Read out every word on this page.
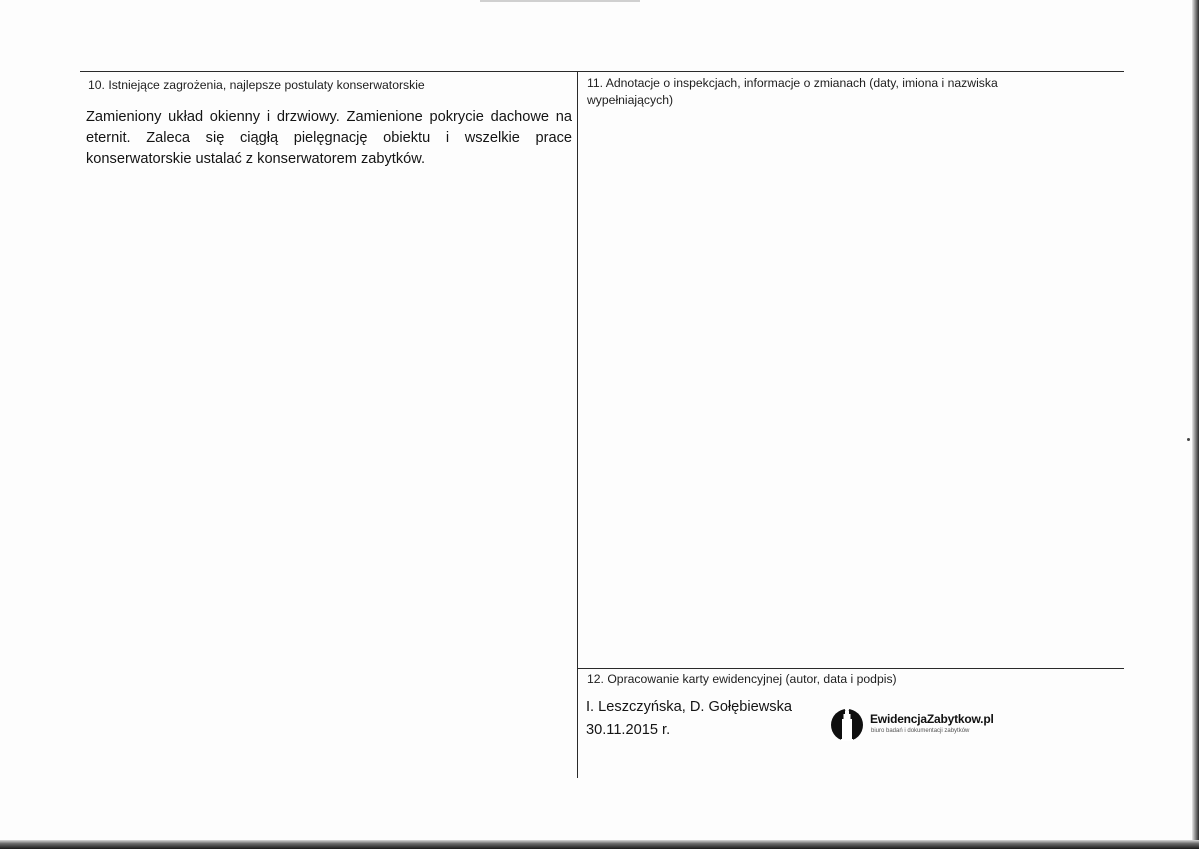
10. Istniejące zagrożenia, najlepsze postulaty konserwatorskie
Zamieniony układ okienny i drzwiowy. Zamienione pokrycie dachowe na eternit. Zaleca się ciągłą pielęgnację obiektu i wszelkie prace konserwatorskie ustalać z konserwatorem zabytków.
11. Adnotacje o inspekcjach, informacje o zmianach (daty, imiona i nazwiska wypełniających)
12. Opracowanie karty ewidencyjnej (autor, data i podpis)
I. Leszczyńska, D. Gołębiewska
30.11.2015 r.
EwidencjaZabytkow.pl
biuro badań i dokumentacji zabytków
